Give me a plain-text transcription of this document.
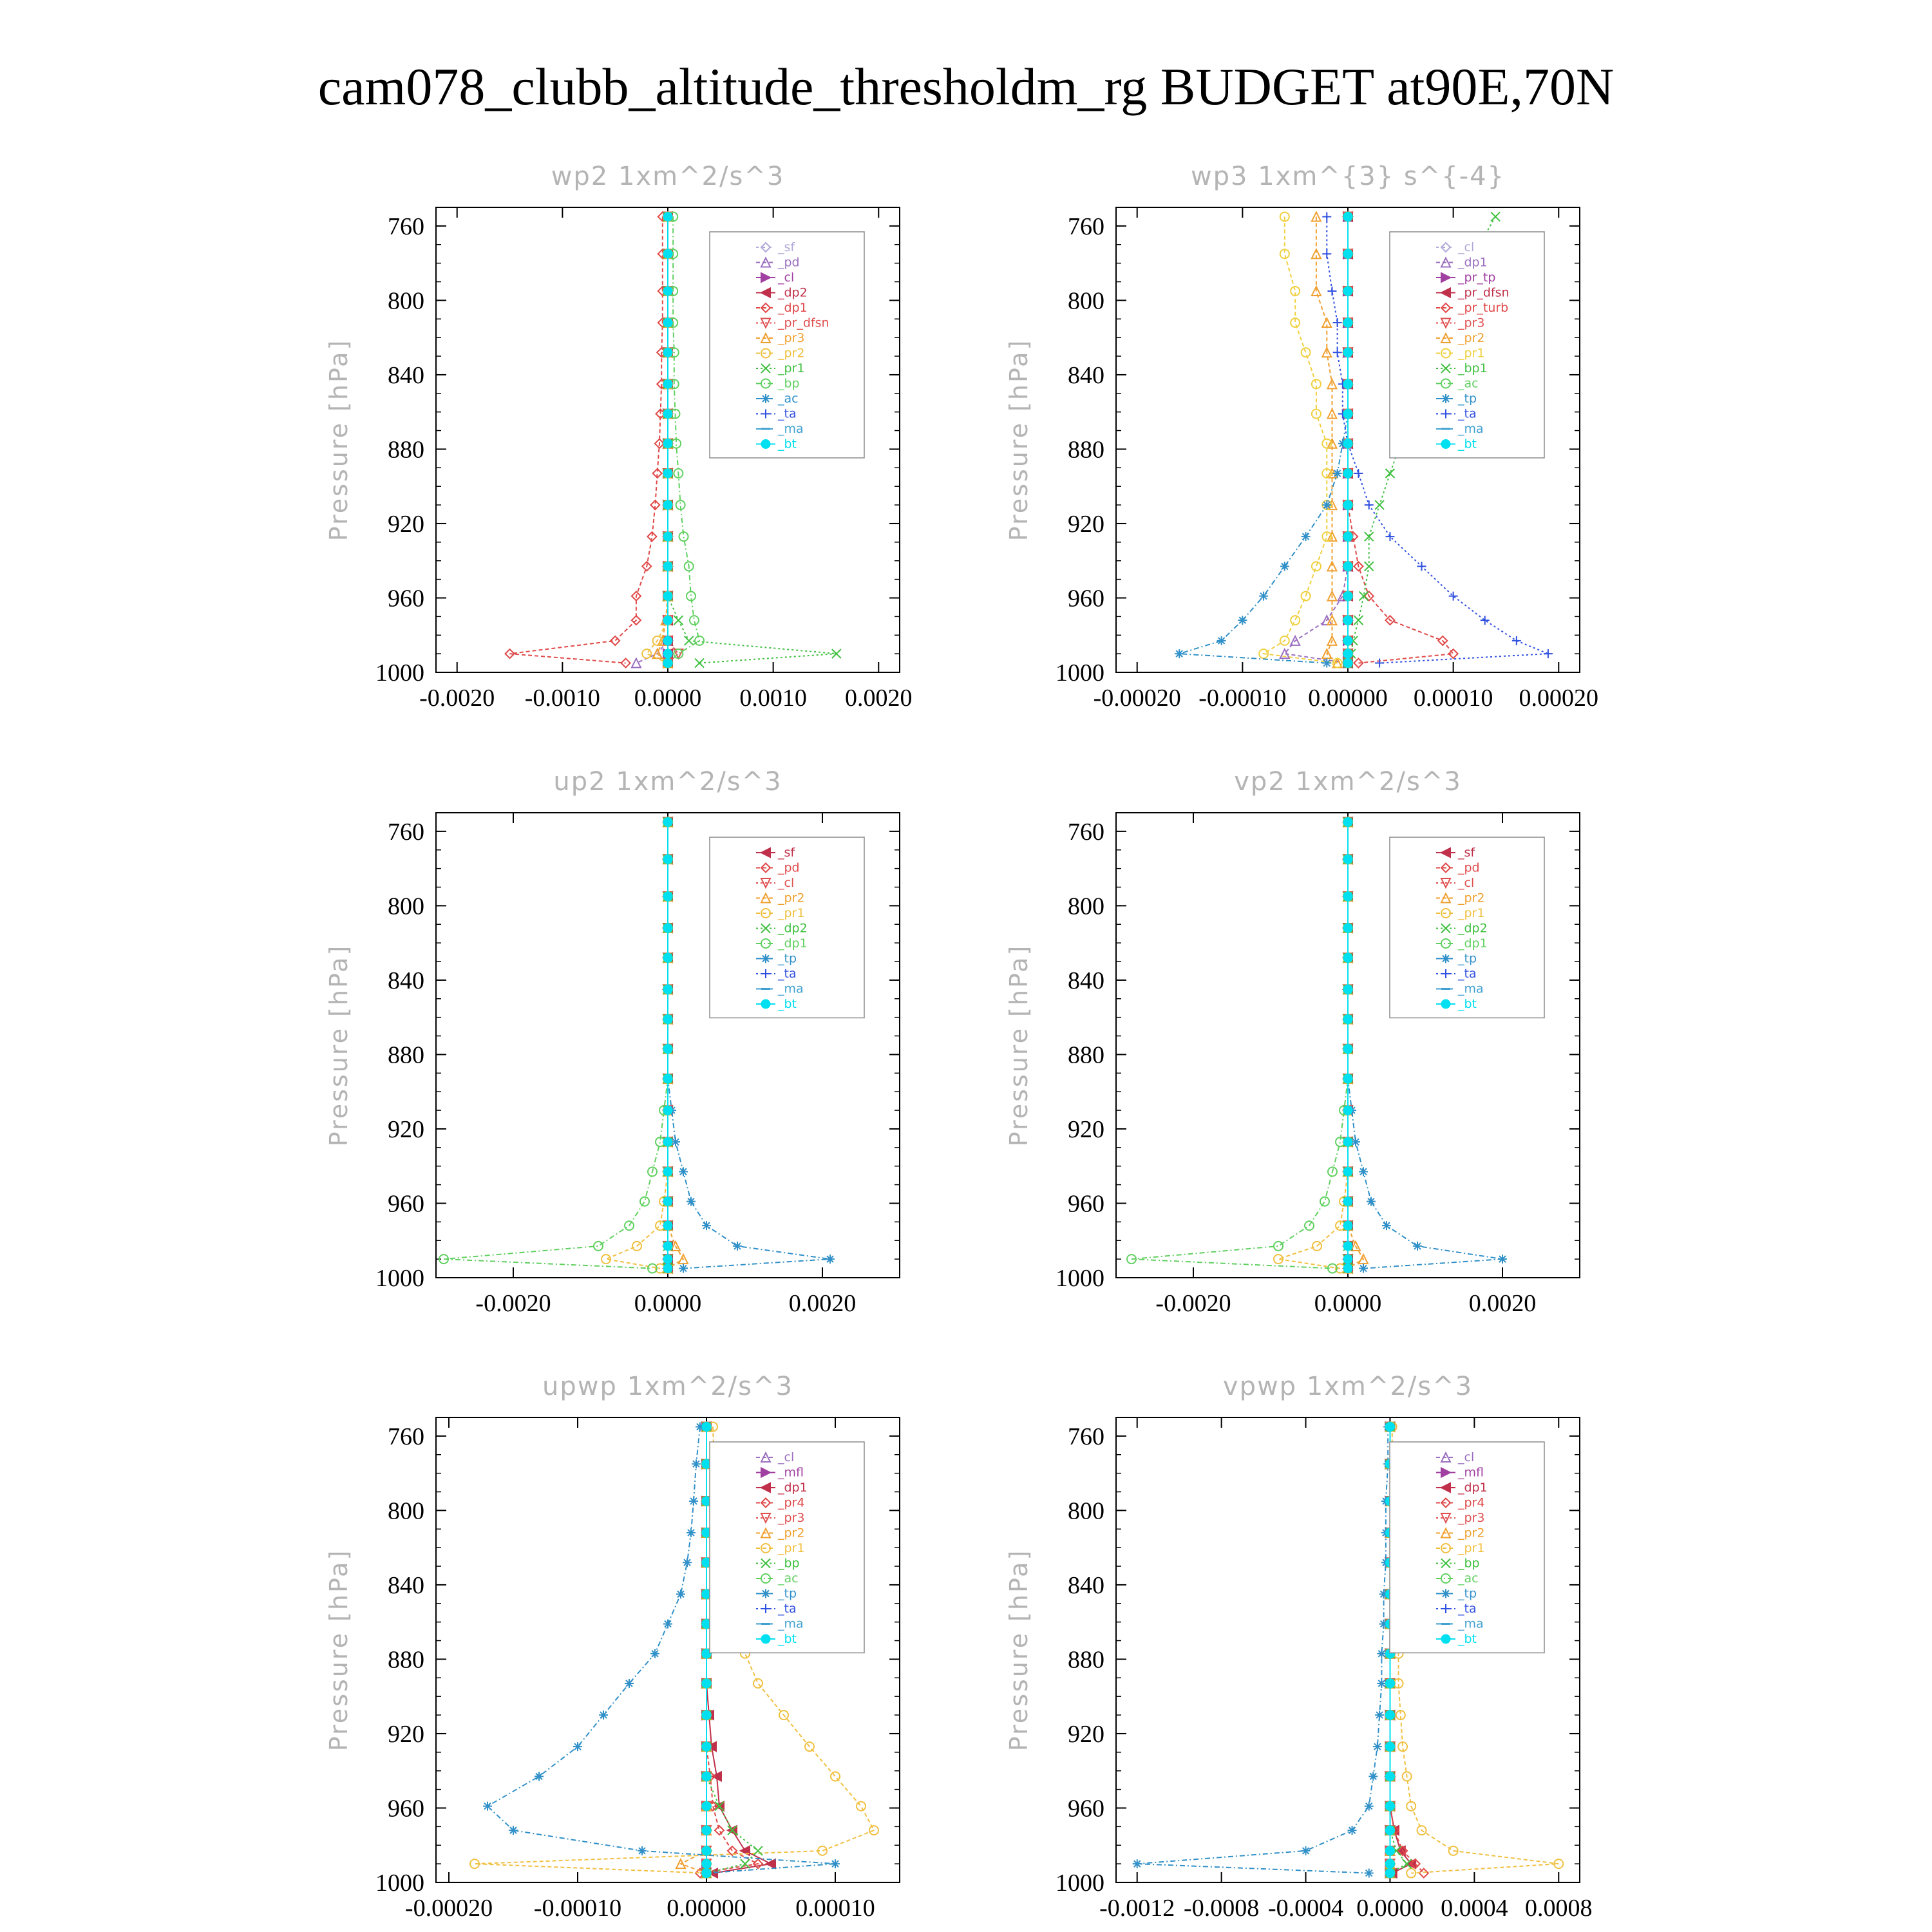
cam078_clubb_altitude_thresholdm_rg BUDGET at90E,70N
wp2 1xm^2/s^3
Pressure [hPa]
760
800
840
880
920
960
1000
-0.0020 -0.0010 0.0000 0.0010 0.0020
_sf
_pd
_cl
_dp2
_dp1
_pr_dfsn
_pr3
_pr2
_pr1
_bp
_ac
_ta
_ma
_bt
wp3 1xm^{3} s^{-4}
Pressure [hPa]
760
800
840
880
920
960
1000
-0.00020 -0.00010 0.00000 0.00010 0.00020
_cl
_dp1
_pr_tp
_pr_dfsn
_pr_turb
_pr3
_pr2
_pr1
_bp1
_ac
_tp
_ta
_ma
_bt
up2 1xm^2/s^3
Pressure [hPa]
760
800
840
880
920
960
1000
-0.0020	0.0000	0.0020
_sf
_pd
_cl
_pr2
_pr1
_dp2
_dp1
_tp
_ta
_ma
_bt
vp2 1xm^2/s^3
Pressure [hPa]
760
800
840
880
920
960
1000
-0.0020	0.0000	0.0020
_sf
_pd
_cl
_pr2
_pr1
_dp2
_dp1
_tp
_ta
_ma
_bt
upwp 1xm^2/s^3
Pressure [hPa]
760
800
840
880
920
960
1000
-0.00020 -0.00010 0.00000 0.00010
_cl
_mfl
_dp1
_pr4
_pr3
_pr2
_pr1
_bp
_ac
_tp
_ta
_ma
_bt
vpwp 1xm^2/s^3
Pressure [hPa]
760
800
840
880
920
960
1000
-0.0012 -0.0008 -0.0004 0.0000 0.0004 0.0008
_cl
_mfl
_dp1
_pr4
_pr3
_pr2
_pr1
_bp
_ac
_tp
_ta
_ma
_bt
